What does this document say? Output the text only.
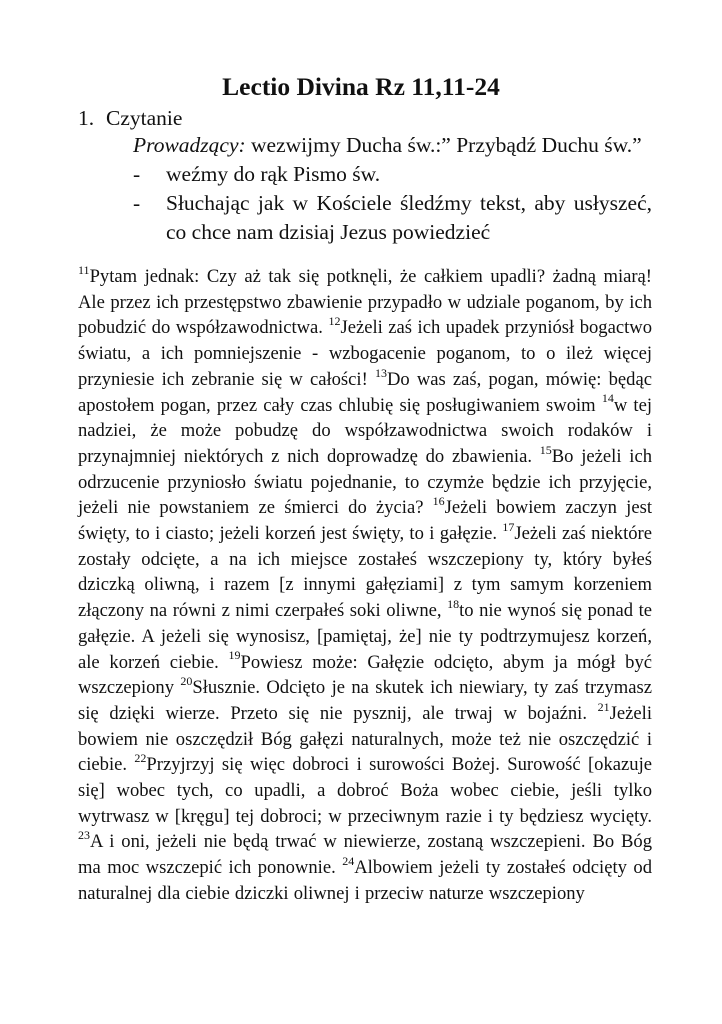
Lectio Divina Rz 11,11-24
1. Czytanie

Prowadzący: wezwijmy Ducha św.:” Przybądź Duchu św.”

- weźmy do rąk Pismo św.
- Słuchając jak w Kościele śledźmy tekst, aby usłyszeć, co chce nam dzisiaj Jezus powiedzieć

$^{11}$Pytam jednak: Czy aż tak się potknęli, że całkiem upadli? żadną miarą! Ale przez ich przestępstwo zbawienie przypadło w udziale poganom, by ich pobudzić do współzawodnictwa. $^{12}$Jeżeli zaś ich upadek przyniósł bogactwo światu, a ich pomniejszenie - wzbogacenie poganom, to o ileż więcej przyniesie ich zebranie się w całości! $^{13}$Do was zaś, pogan, mówię: będąc apostołem pogan, przez cały czas chlubię się posługiwaniem swoim $^{14}$w tej nadziei, że może pobudzę do współzawodnictwa swoich rodaków i przynajmniej niektórych z nich doprowadzę do zbawienia. $^{15}$Bo jeżeli ich odrzucenie przyniosło światu pojednanie, to czymże będzie ich przyjęcie, jeżeli nie powstaniem ze śmierci do życia? $^{16}$Jeżeli bowiem zaczyn jest święty, to i ciasto; jeżeli korzeń jest święty, to i gałęzie. $^{17}$Jeżeli zaś niektóre zostały odcięte, a na ich miejsce zostałeś wszczepiony ty, który byłeś dziczką oliwną, i razem [z innymi gałęziami] z tym samym korzeniem złączony na równi z nimi czerpałeś soki oliwne, $^{18}$to nie wynoś się ponad te gałęzie. A jeżeli się wynosisz, [pamiętaj, że] nie ty podtrzymujesz korzeń, ale korzeń ciebie. $^{19}$Powiesz może: Gałęzie odcięto, abym ja mógł być wszczepiony $^{20}$Słusznie. Odcięto je na skutek ich niewiary, ty zaś trzymasz się dzięki wierze. Przeto się nie pysznij, ale trwaj w bojaźni. $^{21}$Jeżeli bowiem nie oszczędził Bóg gałęzi naturalnych, może też nie oszczędzić i ciebie. $^{22}$Przyjrzyj się więc dobroci i surowości Bożej. Surowość [okazuje się] wobec tych, co upadli, a dobroć Boża wobec ciebie, jeśli tylko wytrwasz w [kręgu] tej dobroci; w przeciwnym razie i ty będziesz wycięty. $^{23}$A i oni, jeżeli nie będą trwać w niewierze, zostaną wszczepieni. Bo Bóg ma moc wszczepić ich ponownie. $^{24}$Albowiem jeżeli ty zostałeś odcięty od naturalnej dla ciebie dziczki oliwnej i przeciw naturze wszczepiony
